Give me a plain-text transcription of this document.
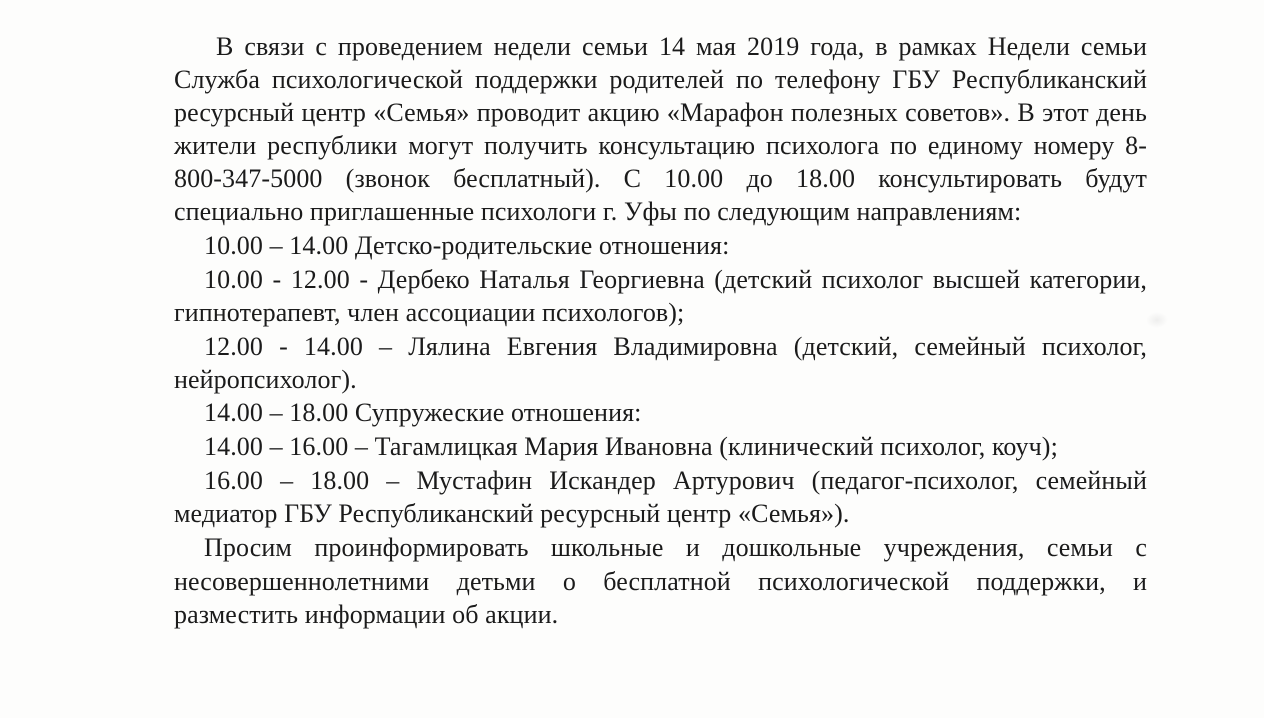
В связи с проведением недели семьи 14 мая 2019 года, в рамках Недели семьи Служба психологической поддержки родителей по телефону ГБУ Республиканский ресурсный центр «Семья» проводит акцию «Марафон полезных советов». В этот день жители республики могут получить консультацию психолога по единому номеру 8-800-347-5000 (звонок бесплатный). С 10.00 до 18.00 консультировать будут специально приглашенные психологи г. Уфы по следующим направлениям:

10.00 – 14.00 Детско-родительские отношения:

10.00 - 12.00 - Дербеко Наталья Георгиевна (детский психолог высшей категории, гипнотерапевт, член ассоциации психологов);

12.00 - 14.00 – Лялина Евгения Владимировна (детский, семейный психолог, нейропсихолог).

14.00 – 18.00 Супружеские отношения:

14.00 – 16.00 – Тагамлицкая Мария Ивановна (клинический психолог, коуч);

16.00 – 18.00 – Мустафин Искандер Артурович (педагог-психолог, семейный медиатор ГБУ Республиканский ресурсный центр «Семья»).

Просим проинформировать школьные и дошкольные учреждения, семьи с несовершеннолетними детьми о бесплатной психологической поддержки, и разместить информации об акции.
